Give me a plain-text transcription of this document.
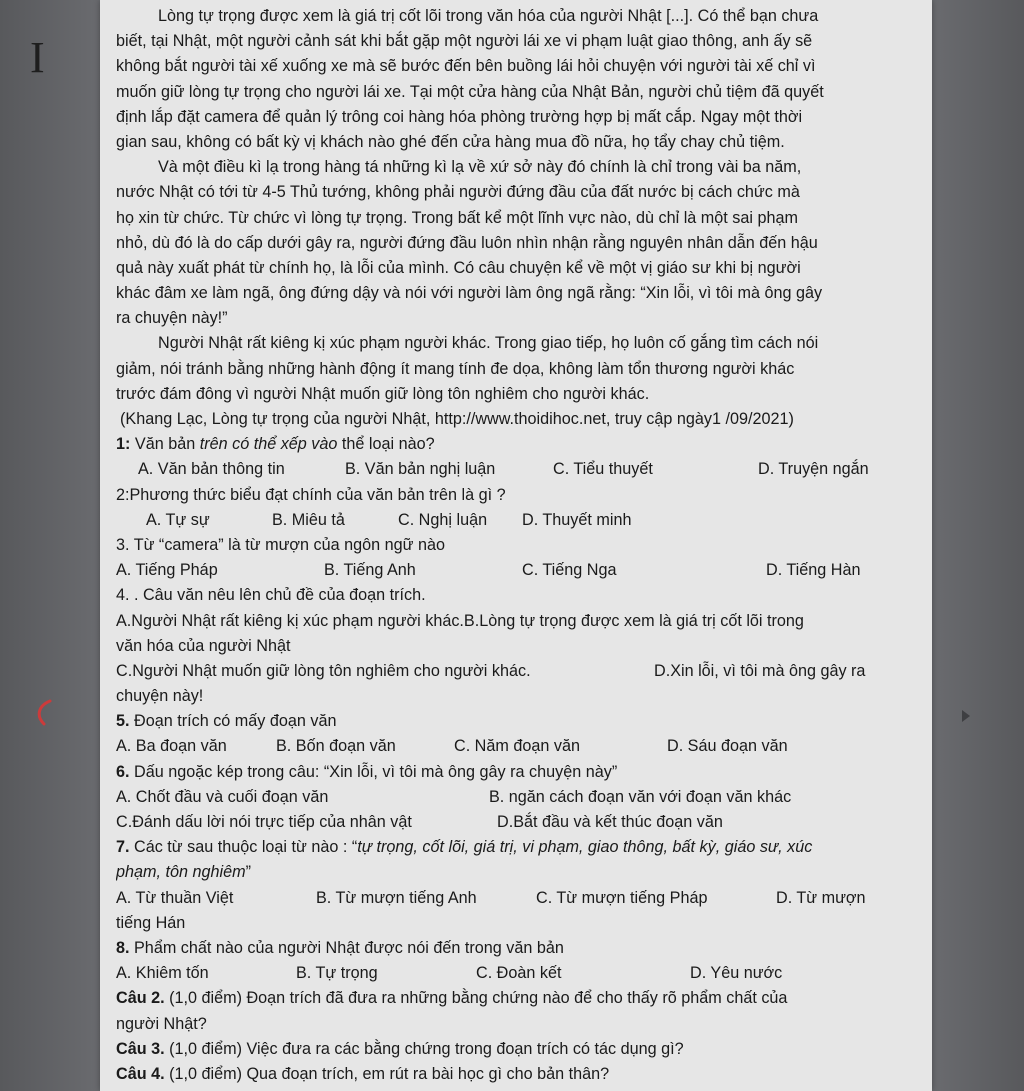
I
Lòng tự trọng được xem là giá trị cốt lõi trong văn hóa của người Nhật [...]. Có thể bạn chưa
biết, tại Nhật, một người cảnh sát khi bắt gặp một người lái xe vi phạm luật giao thông, anh ấy sẽ
không bắt người tài xế xuống xe mà sẽ bước đến bên buồng lái hỏi chuyện với người tài xế chỉ vì
muốn giữ lòng tự trọng cho người lái xe. Tại một cửa hàng của Nhật Bản, người chủ tiệm đã quyết
định lắp đặt camera để quản lý trông coi hàng hóa phòng trường hợp bị mất cắp. Ngay một thời
gian sau, không có bất kỳ vị khách nào ghé đến cửa hàng mua đồ nữa, họ tẩy chay chủ tiệm.
Và một điều kì lạ trong hàng tá những kì lạ về xứ sở này đó chính là chỉ trong vài ba năm,
nước Nhật có tới từ 4-5 Thủ tướng, không phải người đứng đầu của đất nước bị cách chức mà
họ xin từ chức. Từ chức vì lòng tự trọng. Trong bất kể một lĩnh vực nào, dù chỉ là một sai phạm
nhỏ, dù đó là do cấp dưới gây ra, người đứng đầu luôn nhìn nhận rằng nguyên nhân dẫn đến hậu
quả này xuất phát từ chính họ, là lỗi của mình. Có câu chuyện kể về một vị giáo sư khi bị người
khác đâm xe làm ngã, ông đứng dậy và nói với người làm ông ngã rằng: “Xin lỗi, vì tôi mà ông gây
ra chuyện này!”
Người Nhật rất kiêng kị xúc phạm người khác. Trong giao tiếp, họ luôn cố gắng tìm cách nói
giảm, nói tránh bằng những hành động ít mang tính đe dọa, không làm tổn thương người khác
trước đám đông vì người Nhật muốn giữ lòng tôn nghiêm cho người khác.
(Khang Lạc, Lòng tự trọng của người Nhật, http://www.thoidihoc.net, truy cập ngày1 /09/2021)
1: Văn bản trên có thể xếp vào thể loại nào?
A. Văn bản thông tin	B. Văn bản nghị luận	C. Tiểu thuyết	D. Truyện ngắn
2:Phương thức biểu đạt chính của văn bản trên là gì ?
A. Tự sự	B. Miêu tả	C. Nghị luận D. Thuyết minh
3. Từ “camera” là từ mượn của ngôn ngữ nào
A. Tiếng Pháp	B. Tiếng Anh	C. Tiếng Nga	D. Tiếng Hàn
4. . Câu văn nêu lên chủ đề của đoạn trích.
A.Người Nhật rất kiêng kị xúc phạm người khác.B.Lòng tự trọng được xem là giá trị cốt lõi trong
văn hóa của người Nhật
C.Người Nhật muốn giữ lòng tôn nghiêm cho người khác.	D.Xin lỗi, vì tôi mà ông gây ra
chuyện này!
5. Đoạn trích có mấy đoạn văn
A. Ba đoạn văn	B. Bốn đoạn văn	C. Năm đoạn văn	D. Sáu đoạn văn
6. Dấu ngoặc kép trong câu: “Xin lỗi, vì tôi mà ông gây ra chuyện này”
A. Chốt đầu và cuối đoạn văn	B. ngăn cách đoạn văn với đoạn văn khác
C.Đánh dấu lời nói trực tiếp của nhân vật	D.Bắt đầu và kết thúc đoạn văn
7. Các từ sau thuộc loại từ nào : “tự trọng, cốt lõi, giá trị, vi phạm, giao thông, bất kỳ, giáo sư, xúc
phạm, tôn nghiêm”
A. Từ thuần Việt	B. Từ mượn tiếng Anh	C. Từ mượn tiếng Pháp	D. Từ mượn
tiếng Hán
8. Phẩm chất nào của người Nhật được nói đến trong văn bản
A. Khiêm tốn	B. Tự trọng	C. Đoàn kết	D. Yêu nước
Câu 2. (1,0 điểm) Đoạn trích đã đưa ra những bằng chứng nào để cho thấy rõ phẩm chất của
người Nhật?
Câu 3. (1,0 điểm) Việc đưa ra các bằng chứng trong đoạn trích có tác dụng gì?
Câu 4. (1,0 điểm) Qua đoạn trích, em rút ra bài học gì cho bản thân?
